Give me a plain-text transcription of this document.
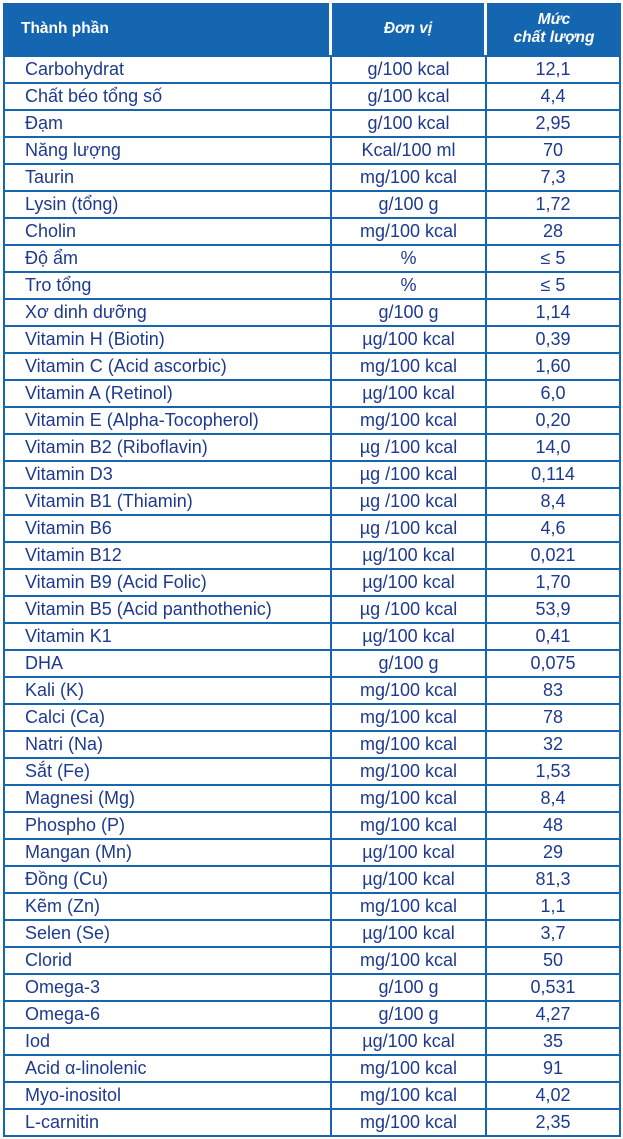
Thành phần	Đơn vị	Mức
chất lượng

Carbohydrat	g/100 kcal	12,1
Chất béo tổng số	g/100 kcal	4,4
Đạm	g/100 kcal	2,95
Năng lượng	Kcal/100 ml	70
Taurin	mg/100 kcal	7,3
Lysin (tổng)	g/100 g	1,72
Cholin	mg/100 kcal	28
Độ ẩm	%	≤ 5
Tro tổng	%	≤ 5
Xơ dinh dưỡng	g/100 g	1,14
Vitamin H (Biotin)	µg/100 kcal	0,39
Vitamin C (Acid ascorbic)	mg/100 kcal	1,60
Vitamin A (Retinol)	µg/100 kcal	6,0
Vitamin E (Alpha-Tocopherol)	mg/100 kcal	0,20
Vitamin B2 (Riboflavin)	µg /100 kcal	14,0
Vitamin D3	µg /100 kcal	0,114
Vitamin B1 (Thiamin)	µg /100 kcal	8,4
Vitamin B6	µg /100 kcal	4,6
Vitamin B12	µg/100 kcal	0,021
Vitamin B9 (Acid Folic)	µg/100 kcal	1,70
Vitamin B5 (Acid panthothenic)	µg /100 kcal	53,9
Vitamin K1	µg/100 kcal	0,41
DHA	g/100 g	0,075
Kali (K)	mg/100 kcal	83
Calci (Ca)	mg/100 kcal	78
Natri (Na)	mg/100 kcal	32
Sắt (Fe)	mg/100 kcal	1,53
Magnesi (Mg)	mg/100 kcal	8,4
Phospho (P)	mg/100 kcal	48
Mangan (Mn)	µg/100 kcal	29
Đồng (Cu)	µg/100 kcal	81,3
Kẽm (Zn)	mg/100 kcal	1,1
Selen (Se)	µg/100 kcal	3,7
Clorid	mg/100 kcal	50
Omega-3	g/100 g	0,531
Omega-6	g/100 g	4,27
Iod	µg/100 kcal	35
Acid α-linolenic	mg/100 kcal	91
Myo-inositol	mg/100 kcal	4,02
L-carnitin	mg/100 kcal	2,35
